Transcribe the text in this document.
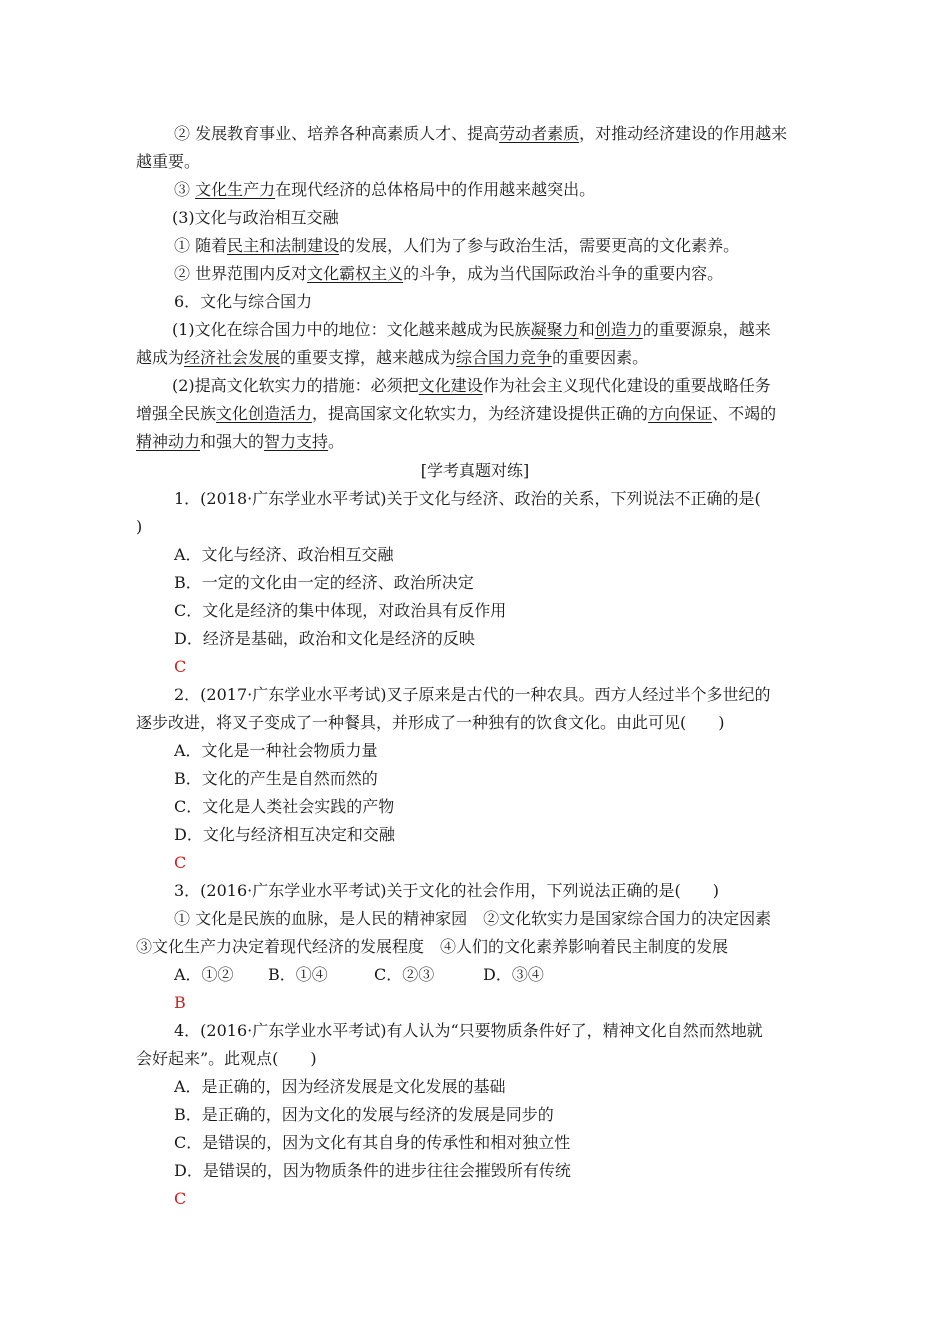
② 发展教育事业、培养各种高素质人才、提高劳动者素质，对推动经济建设的作用越来
越重要。
③ 文化生产力在现代经济的总体格局中的作用越来越突出。
(3)文化与政治相互交融
① 随着民主和法制建设的发展，人们为了参与政治生活，需要更高的文化素养。
② 世界范围内反对文化霸权主义的斗争，成为当代国际政治斗争的重要内容。
6．文化与综合国力
(1)文化在综合国力中的地位：文化越来越成为民族凝聚力和创造力的重要源泉，越来
越成为经济社会发展的重要支撑，越来越成为综合国力竞争的重要因素。
(2)提高文化软实力的措施：必须把文化建设作为社会主义现代化建设的重要战略任务
增强全民族文化创造活力，提高国家文化软实力，为经济建设提供正确的方向保证、不竭的
精神动力和强大的智力支持。
[学考真题对练]
1．(2018·广东学业水平考试)关于文化与经济、政治的关系，下列说法不正确的是(
)
A．文化与经济、政治相互交融
B．一定的文化由一定的经济、政治所决定
C．文化是经济的集中体现，对政治具有反作用
D．经济是基础，政治和文化是经济的反映
C
2．(2017·广东学业水平考试)叉子原来是古代的一种农具。西方人经过半个多世纪的
逐步改进，将叉子变成了一种餐具，并形成了一种独有的饮食文化。由此可见(　　)
A．文化是一种社会物质力量
B．文化的产生是自然而然的
C．文化是人类社会实践的产物
D．文化与经济相互决定和交融
C
3．(2016·广东学业水平考试)关于文化的社会作用，下列说法正确的是(　　)
① 文化是民族的血脉，是人民的精神家园　②文化软实力是国家综合国力的决定因素
③文化生产力决定着现代经济的发展程度　④人们的文化素养影响着民主制度的发展
A．①② B．①④	C．②③	D．③④
B
4．(2016·广东学业水平考试)有人认为“只要物质条件好了，精神文化自然而然地就
会好起来”。此观点(　　)
A．是正确的，因为经济发展是文化发展的基础
B．是正确的，因为文化的发展与经济的发展是同步的
C．是错误的，因为文化有其自身的传承性和相对独立性
D．是错误的，因为物质条件的进步往往会摧毁所有传统
C
